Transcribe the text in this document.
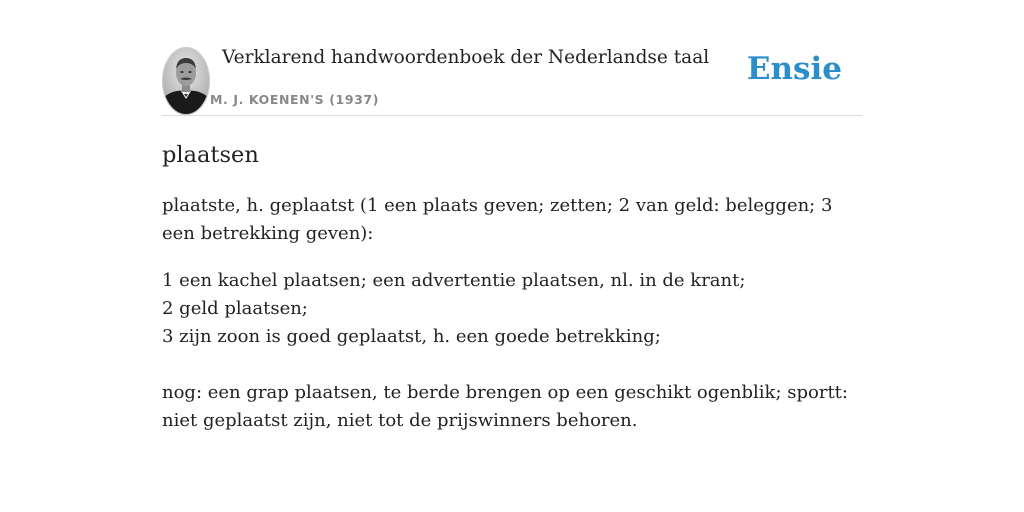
Verklarend handwoordenboek der Nederlandse taal
M. J. KOENEN'S (1937)
Ensie
plaatsen

plaatste, h. geplaatst (1 een plaats geven; zetten; 2 van geld: beleggen; 3 een betrekking geven):

1 een kachel plaatsen; een advertentie plaatsen, nl. in de krant;
2 geld plaatsen;
3 zijn zoon is goed geplaatst, h. een goede betrekking;

nog: een grap plaatsen, te berde brengen op een geschikt ogenblik; sportt: niet geplaatst zijn, niet tot de prijswinners behoren.
